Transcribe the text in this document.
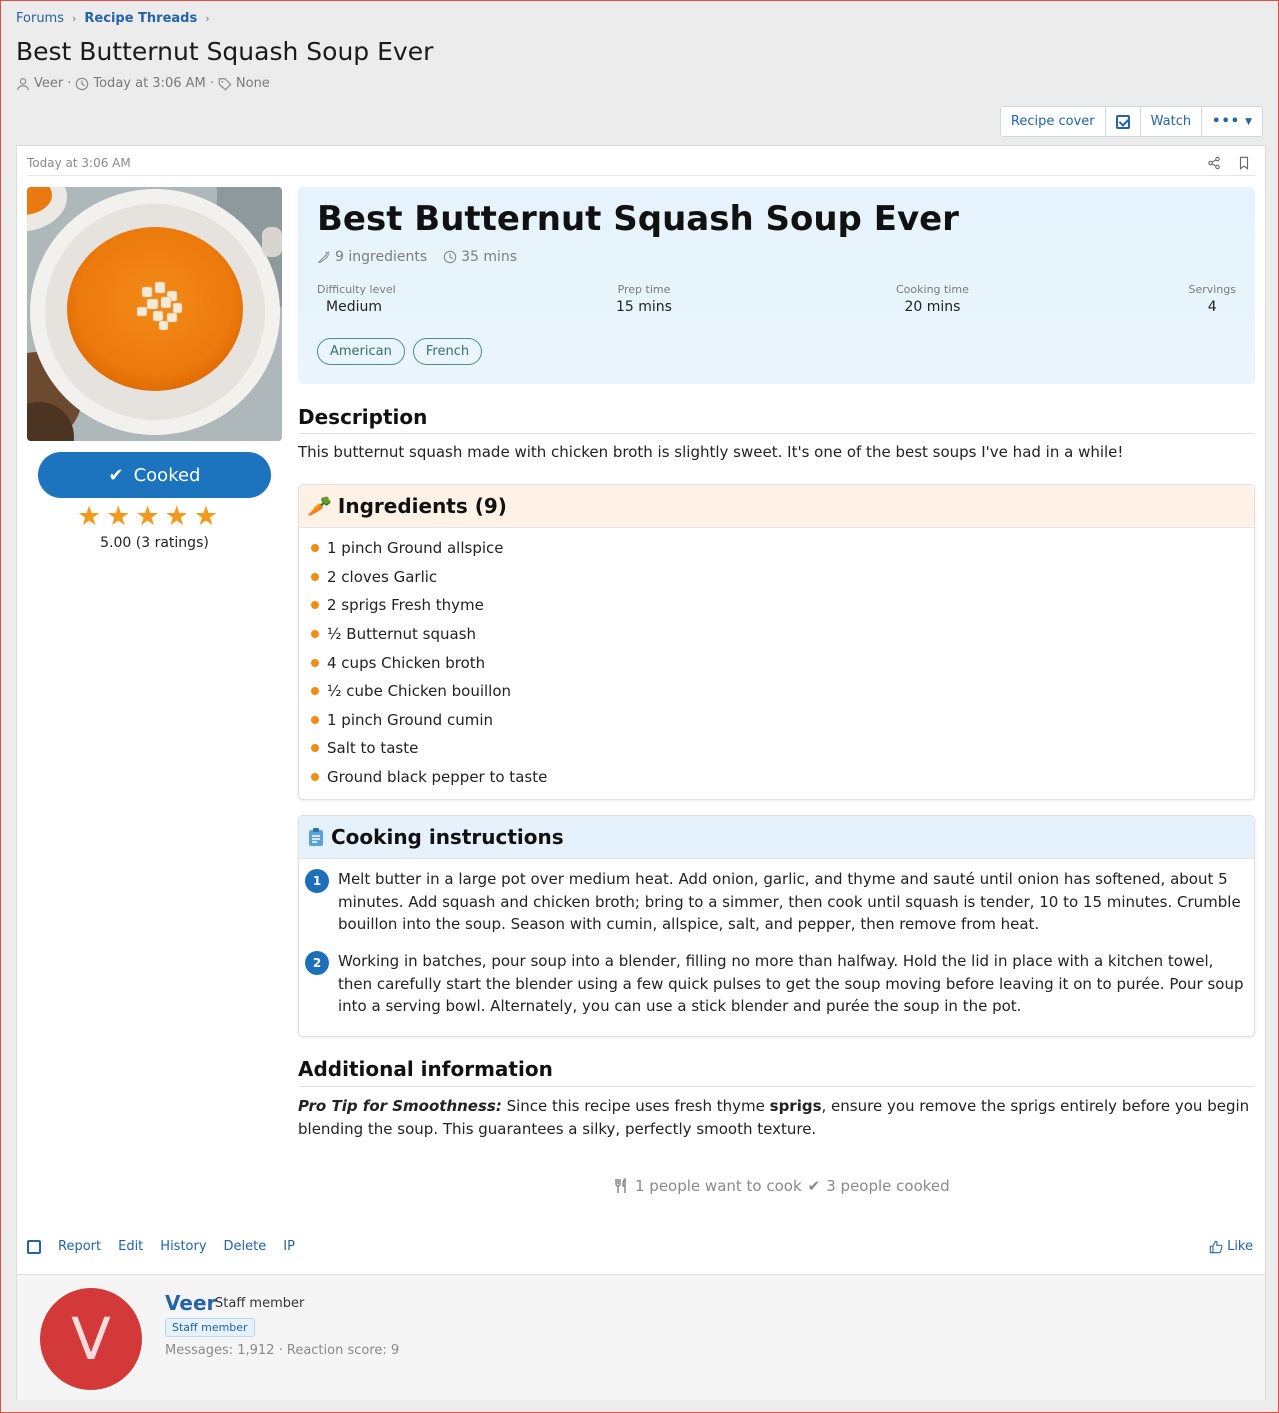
Forums › Recipe Threads ›
Best Butternut Squash Soup Ever
Veer · Today at 3:06 AM · None
Recipe cover	Watch	••• ▼
Today at 3:06 AM
✔ Cooked
★ ★ ★ ★ ★
5.00 (3 ratings)
Best Butternut Squash Soup Ever
9 ingredients 35 mins
Difficulty level
Medium
Prep time
15 mins
Cooking time
20 mins
Servings
4
American	French
Description
This butternut squash made with chicken broth is slightly sweet. It's one of the best soups I've had in a while!
🥕 Ingredients (9)
1 pinch Ground allspice
2 cloves Garlic
2 sprigs Fresh thyme
½ Butternut squash
4 cups Chicken broth
½ cube Chicken bouillon
1 pinch Ground cumin
Salt to taste
Ground black pepper to taste
Cooking instructions
1	Melt butter in a large pot over medium heat. Add onion, garlic, and thyme and sauté until onion has softened, about 5 minutes. Add squash and chicken broth; bring to a simmer, then cook until squash is tender, 10 to 15 minutes. Crumble bouillon into the soup. Season with cumin, allspice, salt, and pepper, then remove from heat.
2	Working in batches, pour soup into a blender, filling no more than halfway. Hold the lid in place with a kitchen towel, then carefully start the blender using a few quick pulses to get the soup moving before leaving it on to purée. Pour soup into a serving bowl. Alternately, you can use a stick blender and purée the soup in the pot.
Additional information
Pro Tip for Smoothness: Since this recipe uses fresh thyme sprigs, ensure you remove the sprigs entirely before you begin blending the soup. This guarantees a silky, perfectly smooth texture.
1 people want to cook ✔ 3 people cooked
Report Edit History Delete IP	Like
V
Veer
Staff member
Staff member
Messages: 1,912 · Reaction score: 9
